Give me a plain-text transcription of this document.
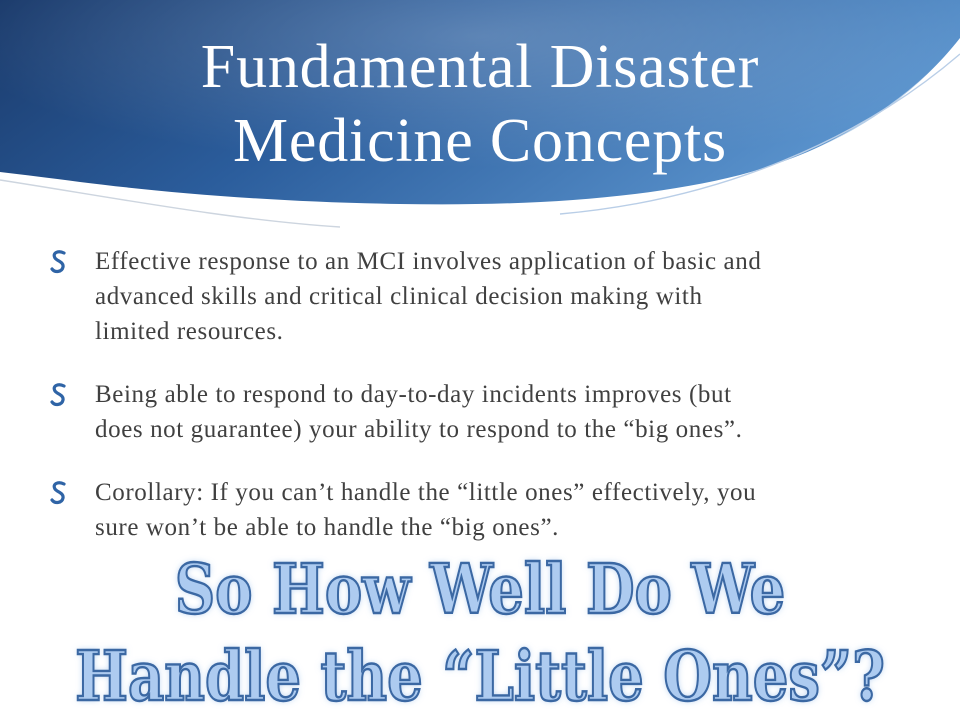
Fundamental Disaster
Medicine Concepts
Effective response to an MCI involves application of basic and
advanced skills and critical clinical decision making with
limited resources.
Being able to respond to day-to-day incidents improves (but
does not guarantee) your ability to respond to the “big ones”.
Corollary: If you can’t handle the “little ones” effectively, you
sure won’t be able to handle the “big ones”.
So How Well Do We
Handle the “Little Ones”?
